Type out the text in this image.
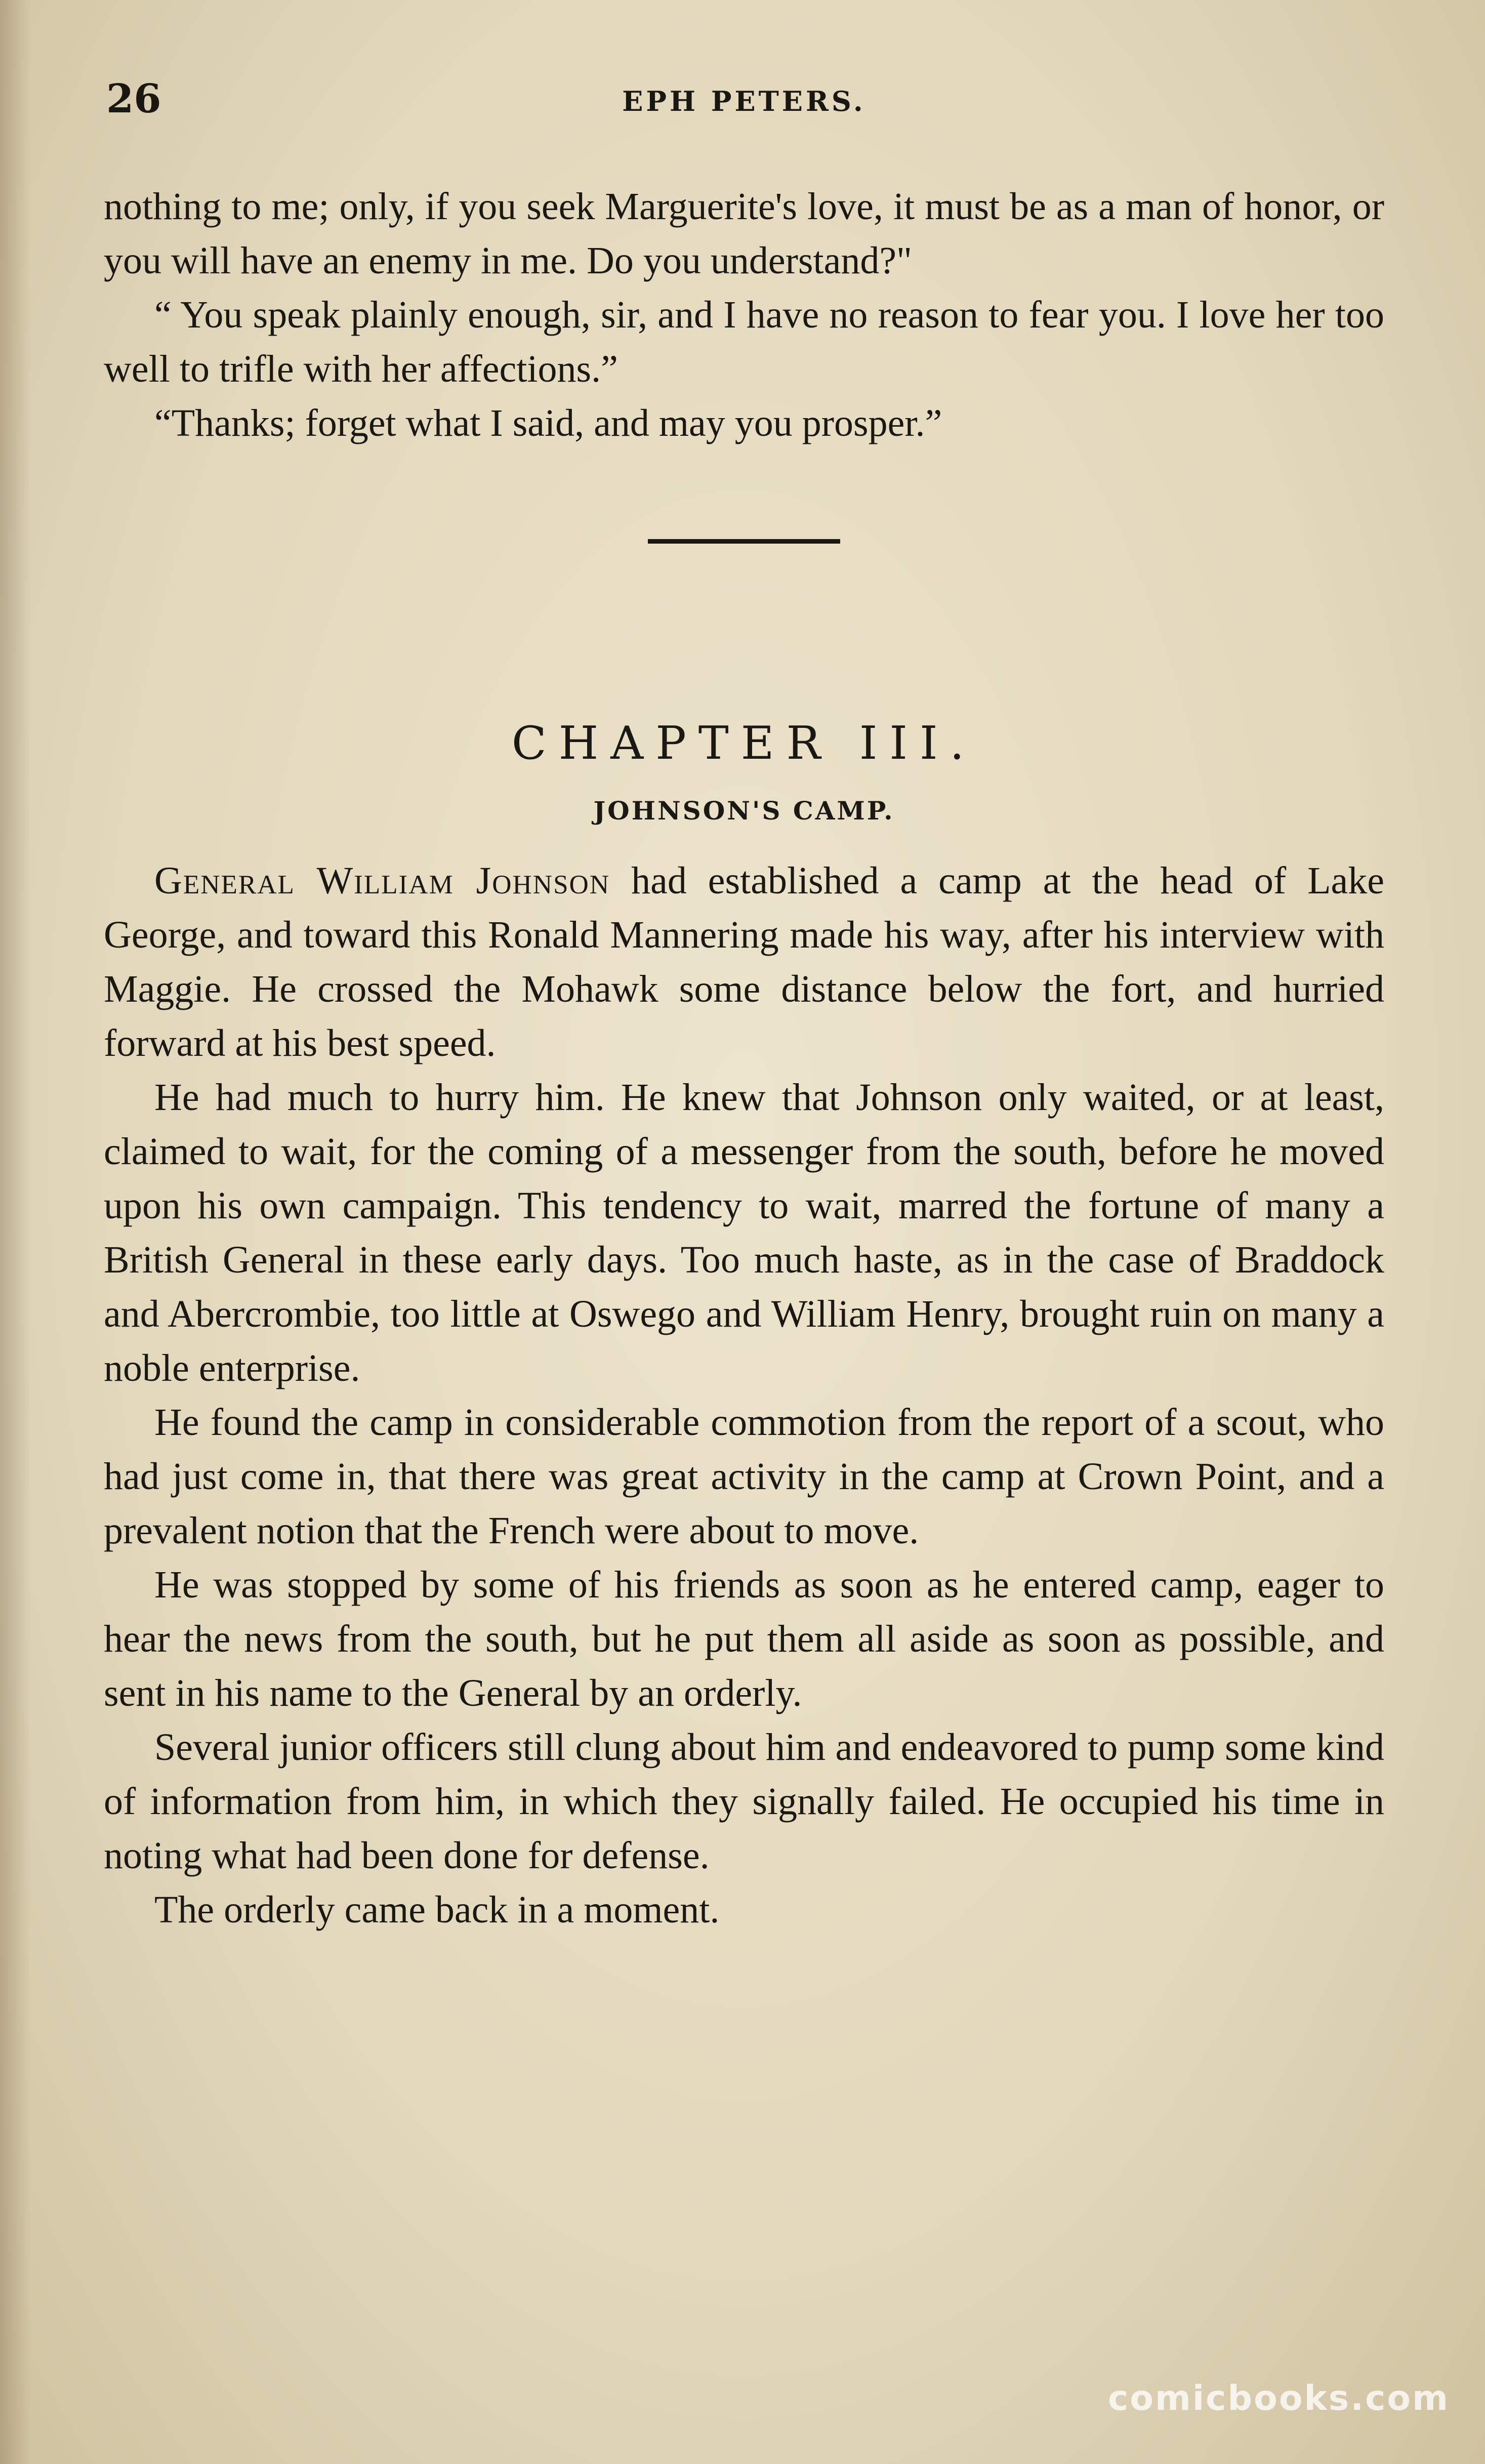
26	EPH PETERS.

nothing to me; only, if you seek Marguerite's love, it must be as a man of honor, or you will have an enemy in me. Do you understand?"

“ You speak plainly enough, sir, and I have no reason to fear you. I love her too well to trifle with her affections.”

“Thanks; forget what I said, and may you prosper.”

CHAPTER III.
JOHNSON'S CAMP.

General William Johnson had established a camp at the head of Lake George, and toward this Ronald Mannering made his way, after his interview with Maggie. He crossed the Mohawk some distance below the fort, and hurried forward at his best speed.

He had much to hurry him. He knew that Johnson only waited, or at least, claimed to wait, for the coming of a messenger from the south, before he moved upon his own campaign. This tendency to wait, marred the fortune of many a British General in these early days. Too much haste, as in the case of Braddock and Abercrombie, too little at Oswego and William Henry, brought ruin on many a noble enterprise.

He found the camp in considerable commotion from the report of a scout, who had just come in, that there was great activity in the camp at Crown Point, and a prevalent notion that the French were about to move.

He was stopped by some of his friends as soon as he entered camp, eager to hear the news from the south, but he put them all aside as soon as possible, and sent in his name to the General by an orderly.

Several junior officers still clung about him and endeavored to pump some kind of information from him, in which they signally failed. He occupied his time in noting what had been done for defense.

The orderly came back in a moment.

comicbooks.com
